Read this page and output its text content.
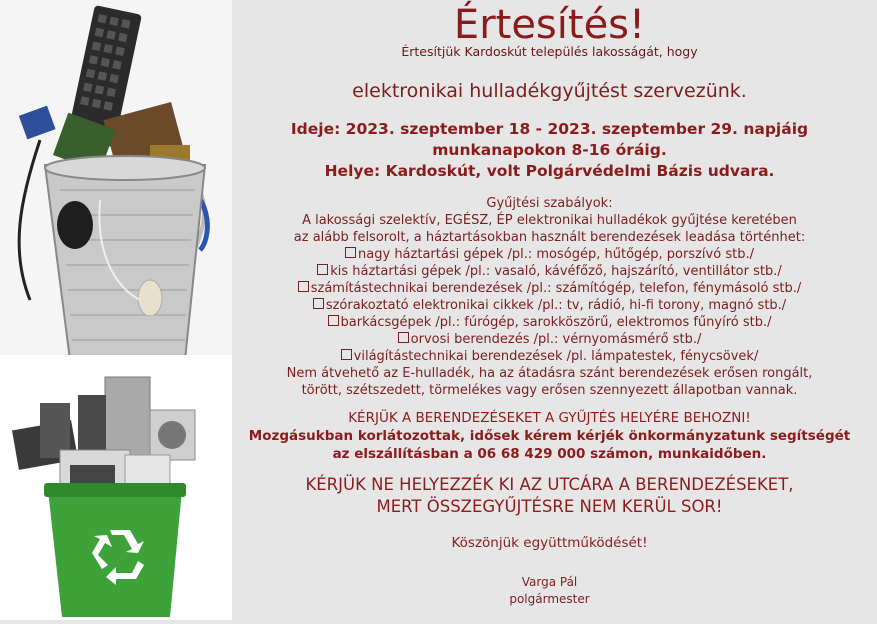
Értesítés!
Értesítjük Kardoskút település lakosságát, hogy
elektronikai hulladékgyűjtést szervezünk.
Ideje: 2023. szeptember 18 - 2023. szeptember 29. napjáig
munkanapokon 8-16 óráig.
Helye: Kardoskút, volt Polgárvédelmi Bázis udvara.
Gyűjtési szabályok:
A lakossági szelektív, EGÉSZ, ÉP elektronikai hulladékok gyűjtése keretében
az alább felsorolt, a háztartásokban használt berendezések leadása történhet:
nagy háztartási gépek /pl.: mosógép, hűtőgép, porszívó stb./
kis háztartási gépek /pl.: vasaló, kávéfőző, hajszárító, ventillátor stb./
számítástechnikai berendezések /pl.: számítógép, telefon, fénymásoló stb./
szórakoztató elektronikai cikkek /pl.: tv, rádió, hi-fi torony, magnó stb./
barkácsgépek /pl.: fúrógép, sarokköszörű, elektromos fűnyíró stb./
orvosi berendezés /pl.: vérnyomásmérő stb./
világítástechnikai berendezések /pl. lámpatestek, fénycsövek/
Nem átvehető az E-hulladék, ha az átadásra szánt berendezések erősen rongált,
törött, szétszedett, törmelékes vagy erősen szennyezett állapotban vannak.
KÉRJÜK A BERENDEZÉSEKET A GYŰJTÉS HELYÉRE BEHOZNI!
Mozgásukban korlátozottak, idősek kérem kérjék önkormányzatunk segítségét
az elszállításban a 06 68 429 000 számon, munkaidőben.
KÉRJÜK NE HELYEZZÉK KI AZ UTCÁRA A BERENDEZÉSEKET,
MERT ÖSSZEGYŰJTÉSRE NEM KERÜL SOR!
Köszönjük együttműködését!
Varga Pál
polgármester
